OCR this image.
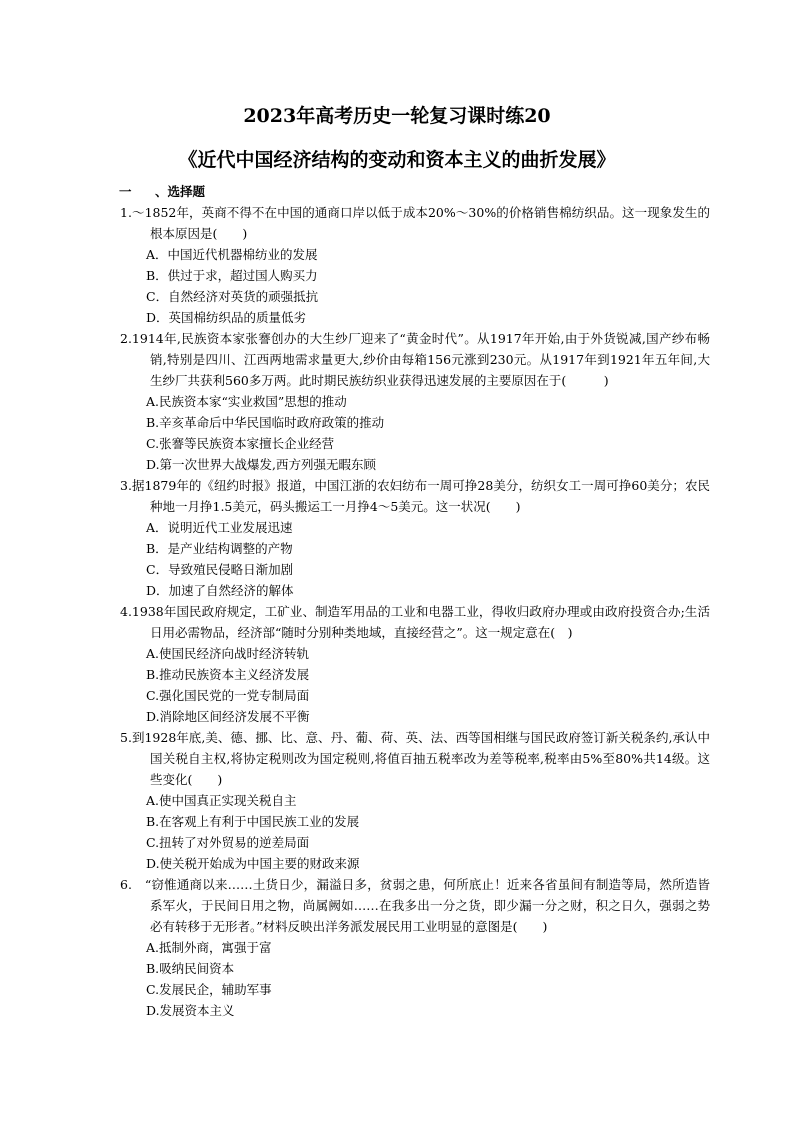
2023年高考历史一轮复习课时练20
《近代中国经济结构的变动和资本主义的曲折发展》
一 、选择题
1.～1852年，英商不得不在中国的通商口岸以低于成本20%～30%的价格销售棉纺织品。这一现象发生的根本原因是(　　)
A．中国近代机器棉纺业的发展
B．供过于求，超过国人购买力
C．自然经济对英货的顽强抵抗
D．英国棉纺织品的质量低劣
2.1914年,民族资本家张謇创办的大生纱厂迎来了“黄金时代”。从1917年开始,由于外货锐减,国产纱布畅销,特别是四川、江西两地需求量更大,纱价由每箱156元涨到230元。从1917年到1921年五年间,大生纱厂共获利560多万两。此时期民族纺织业获得迅速发展的主要原因在于(　　　)
A.民族资本家“实业救国”思想的推动
B.辛亥革命后中华民国临时政府政策的推动
C.张謇等民族资本家擅长企业经营
D.第一次世界大战爆发,西方列强无暇东顾
3.据1879年的《纽约时报》报道，中国江浙的农妇纺布一周可挣28美分，纺织女工一周可挣60美分；农民种地一月挣1.5美元，码头搬运工一月挣4～5美元。这一状况(　　)
A．说明近代工业发展迅速
B．是产业结构调整的产物
C．导致殖民侵略日渐加剧
D．加速了自然经济的解体
4.1938年国民政府规定，工矿业、制造军用品的工业和电器工业，得收归政府办理或由政府投资合办;生活日用必需物品，经济部“随时分别种类地域，直接经营之”。这一规定意在(　)
A.使国民经济向战时经济转轨
B.推动民族资本主义经济发展
C.强化国民党的一党专制局面
D.消除地区间经济发展不平衡
5.到1928年底,美、德、挪、比、意、丹、葡、荷、英、法、西等国相继与国民政府签订新关税条约,承认中国关税自主权,将协定税则改为国定税则,将值百抽五税率改为差等税率,税率由5%至80%共14级。这些变化(　　)
A.使中国真正实现关税自主
B.在客观上有利于中国民族工业的发展
C.扭转了对外贸易的逆差局面
D.使关税开始成为中国主要的财政来源
6.　“窃惟通商以来……土货日少，漏溢日多，贫弱之患，何所底止！近来各省虽间有制造等局，然所造皆系军火，于民间日用之物，尚属阙如……在我多出一分之货，即少漏一分之财，积之日久，强弱之势必有转移于无形者。”材料反映出洋务派发展民用工业明显的意图是(　　)
A.抵制外商，寓强于富
B.吸纳民间资本
C.发展民企，辅助军事
D.发展资本主义
